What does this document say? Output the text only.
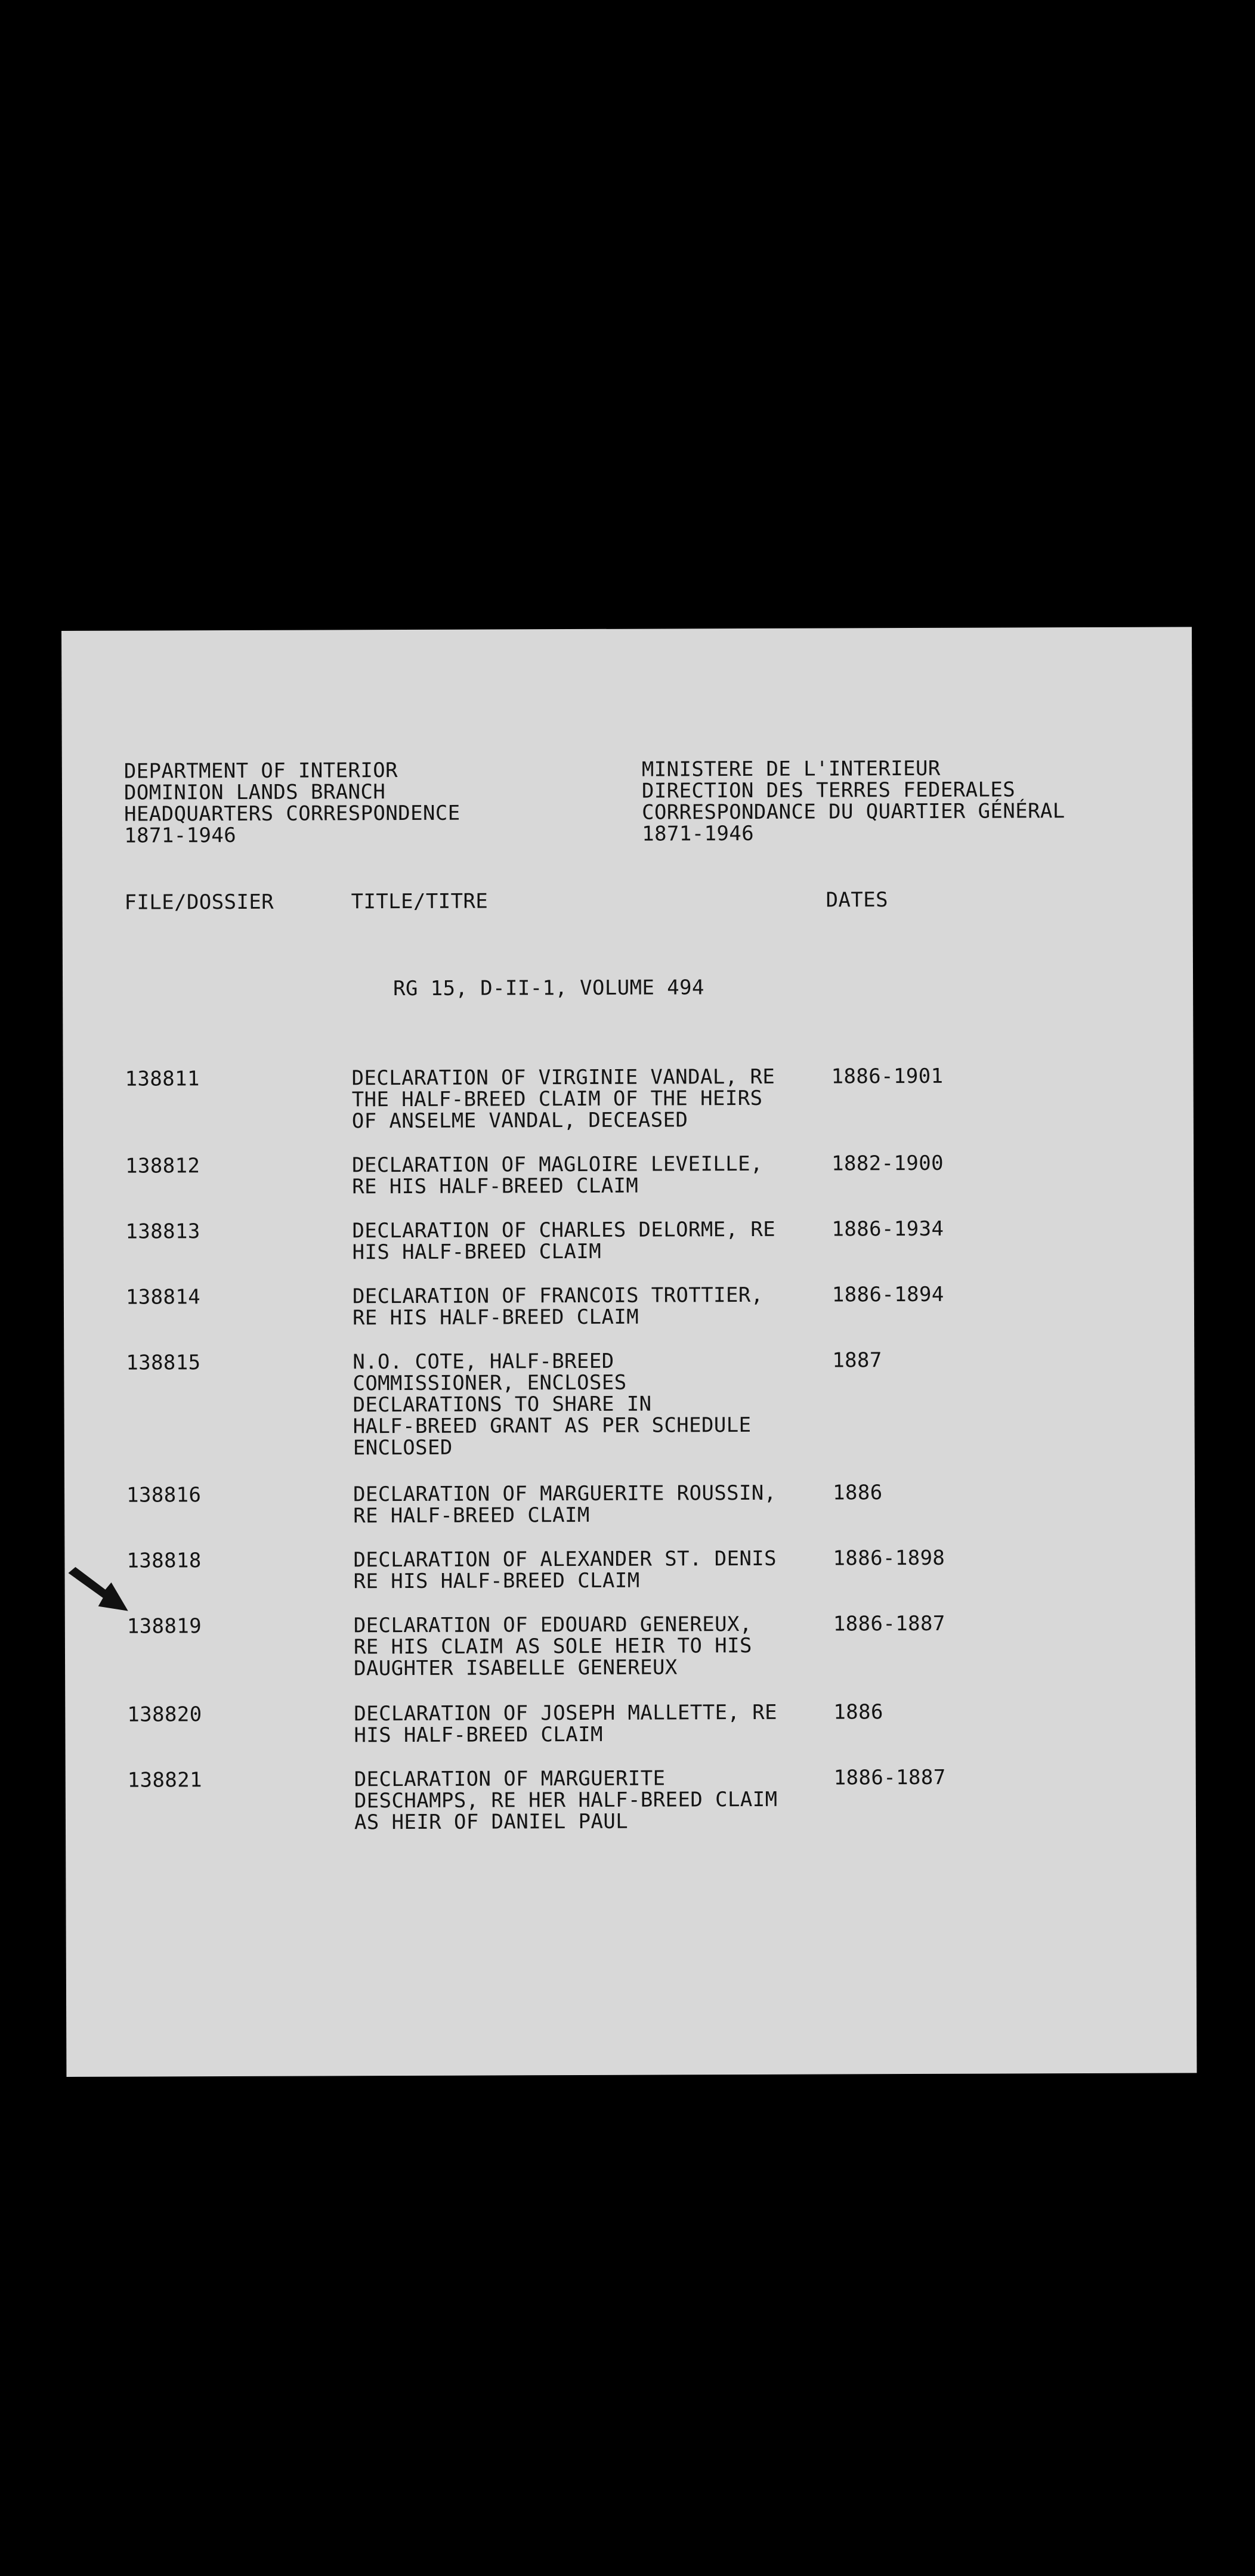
DEPARTMENT OF INTERIOR
DOMINION LANDS BRANCH
HEADQUARTERS CORRESPONDENCE
1871-1946
MINISTERE DE L'INTERIEUR
DIRECTION DES TERRES FEDERALES
CORRESPONDANCE DU QUARTIER GÉNÉRAL
1871-1946
FILE/DOSSIER	TITLE/TITRE	DATES
RG 15, D-II-1, VOLUME 494
138811	DECLARATION OF VIRGINIE VANDAL, RE
THE HALF-BREED CLAIM OF THE HEIRS
OF ANSELME VANDAL, DECEASED
1886-1901
138812	DECLARATION OF MAGLOIRE LEVEILLE,
RE HIS HALF-BREED CLAIM
1882-1900
138813	DECLARATION OF CHARLES DELORME, RE
HIS HALF-BREED CLAIM
1886-1934
138814	DECLARATION OF FRANCOIS TROTTIER,
RE HIS HALF-BREED CLAIM
1886-1894
138815	N.O. COTE, HALF-BREED
COMMISSIONER, ENCLOSES
DECLARATIONS TO SHARE IN
HALF-BREED GRANT AS PER SCHEDULE
ENCLOSED
1887
138816	DECLARATION OF MARGUERITE ROUSSIN,
RE HALF-BREED CLAIM
1886
138818	DECLARATION OF ALEXANDER ST. DENIS
RE HIS HALF-BREED CLAIM
1886-1898
138819	DECLARATION OF EDOUARD GENEREUX,
RE HIS CLAIM AS SOLE HEIR TO HIS
DAUGHTER ISABELLE GENEREUX
1886-1887
138820	DECLARATION OF JOSEPH MALLETTE, RE
HIS HALF-BREED CLAIM
1886
138821	DECLARATION OF MARGUERITE
DESCHAMPS, RE HER HALF-BREED CLAIM
AS HEIR OF DANIEL PAUL
1886-1887
